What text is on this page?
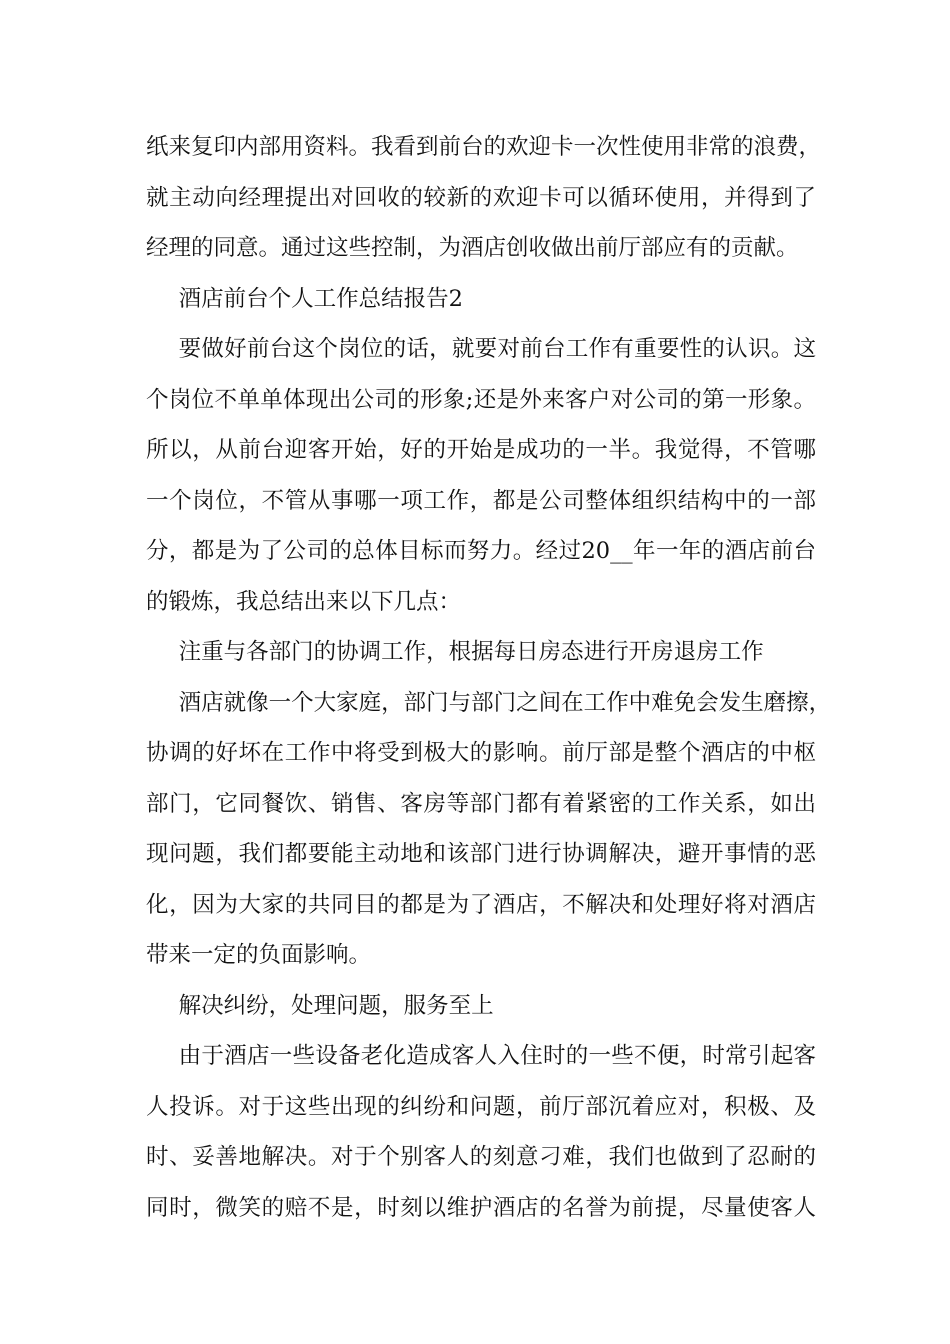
纸来复印内部用资料。我看到前台的欢迎卡一次性使用非常的浪费，
就主动向经理提出对回收的较新的欢迎卡可以循环使用，并得到了
经理的同意。通过这些控制，为酒店创收做出前厅部应有的贡献。
酒店前台个人工作总结报告2
要做好前台这个岗位的话，就要对前台工作有重要性的认识。这
个岗位不单单体现出公司的形象;还是外来客户对公司的第一形象。
所以，从前台迎客开始，好的开始是成功的一半。我觉得，不管哪
一个岗位，不管从事哪一项工作，都是公司整体组织结构中的一部
分，都是为了公司的总体目标而努力。经过20__年一年的酒店前台
的锻炼，我总结出来以下几点：
注重与各部门的协调工作，根据每日房态进行开房退房工作
酒店就像一个大家庭，部门与部门之间在工作中难免会发生磨擦，
协调的好坏在工作中将受到极大的影响。前厅部是整个酒店的中枢
部门，它同餐饮、销售、客房等部门都有着紧密的工作关系，如出
现问题，我们都要能主动地和该部门进行协调解决，避开事情的恶
化，因为大家的共同目的都是为了酒店，不解决和处理好将对酒店
带来一定的负面影响。
解决纠纷，处理问题，服务至上
由于酒店一些设备老化造成客人入住时的一些不便，时常引起客
人投诉。对于这些出现的纠纷和问题，前厅部沉着应对，积极、及
时、妥善地解决。对于个别客人的刻意刁难，我们也做到了忍耐的
同时，微笑的赔不是，时刻以维护酒店的名誉为前提，尽量使客人
